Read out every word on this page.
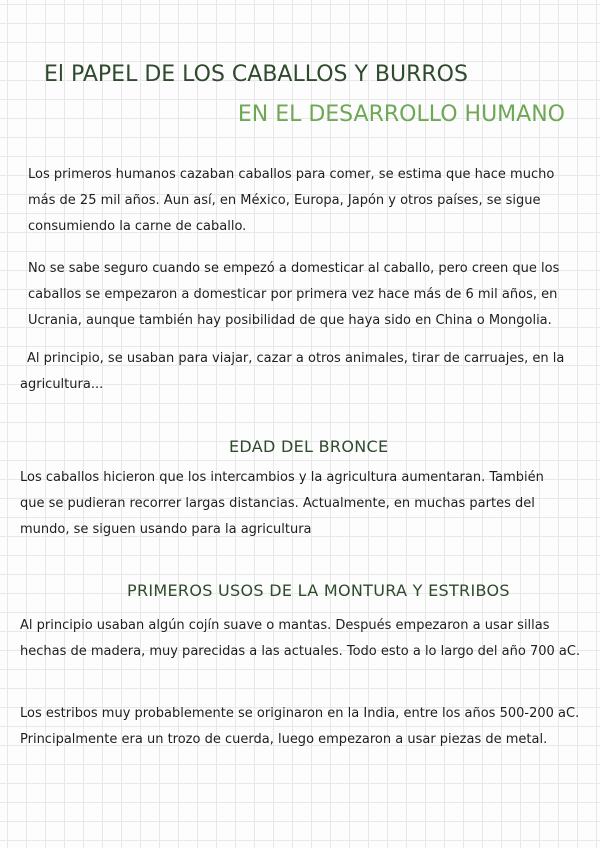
El PAPEL DE LOS CABALLOS Y BURROS
EN EL DESARROLLO HUMANO

Los primeros humanos cazaban caballos para comer, se estima que hace mucho más de 25 mil años. Aun así, en México, Europa, Japón y otros países, se sigue consumiendo la carne de caballo.

No se sabe seguro cuando se empezó a domesticar al caballo, pero creen que los caballos se empezaron a domesticar por primera vez hace más de 6 mil años, en Ucrania, aunque también hay posibilidad de que haya sido en China o Mongolia.

Al principio, se usaban para viajar, cazar a otros animales, tirar de carruajes, en la agricultura...

EDAD DEL BRONCE

Los caballos hicieron que los intercambios y la agricultura aumentaran. También que se pudieran recorrer largas distancias. Actualmente, en muchas partes del mundo, se siguen usando para la agricultura

PRIMEROS USOS DE LA MONTURA Y ESTRIBOS

Al principio usaban algún cojín suave o mantas. Después empezaron a usar sillas hechas de madera, muy parecidas a las actuales. Todo esto a lo largo del año 700 aC.

Los estribos muy probablemente se originaron en la India, entre los años 500-200 aC. Principalmente era un trozo de cuerda, luego empezaron a usar piezas de metal.
